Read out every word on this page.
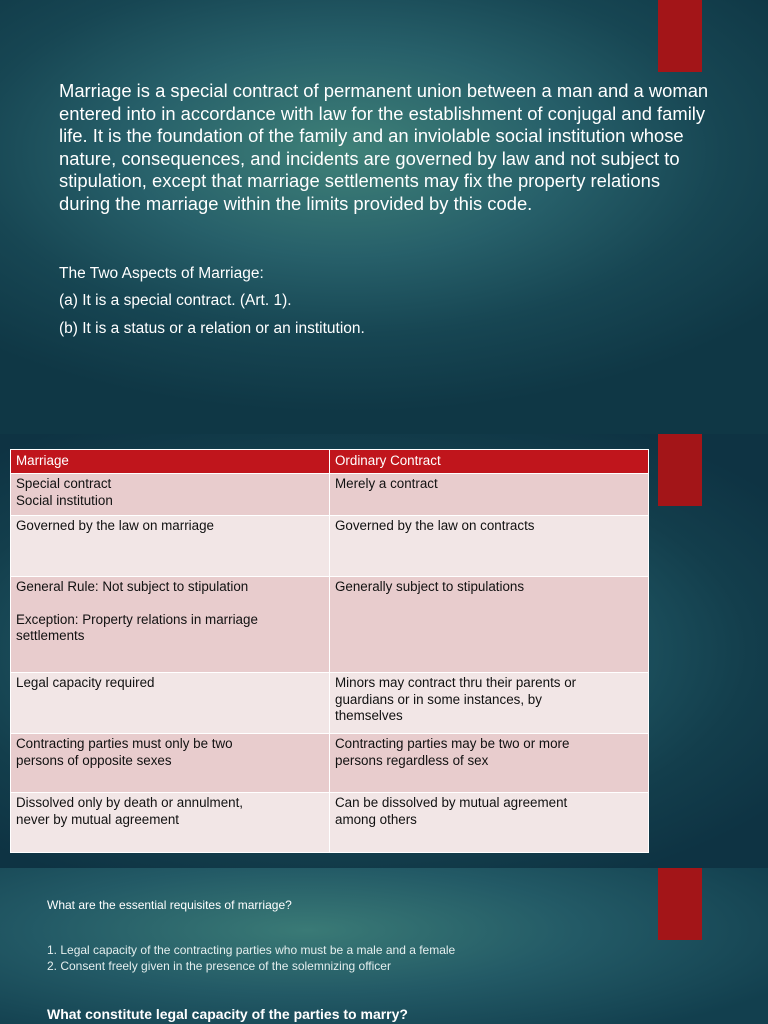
Marriage is a special contract of permanent union between a man and a woman entered into in accordance with law for the establishment of conjugal and family life. It is the foundation of the family and an inviolable social institution whose nature, consequences, and incidents are governed by law and not subject to stipulation, except that marriage settlements may fix the property relations during the marriage within the limits provided by this code.

The Two Aspects of Marriage:

(a) It is a special contract. (Art. 1).

(b) It is a status or a relation or an institution.

Marriage	Ordinary Contract

Special contract
Social institution	Merely a contract

Governed by the law on marriage	Governed by the law on contracts

General Rule: Not subject to stipulation
Exception: Property relations in marriage
settlements	Generally subject to stipulations

Legal capacity required	Minors may contract thru their parents or
guardians or in some instances, by
themselves

Contracting parties must only be two
persons of opposite sexes	Contracting parties may be two or more
persons regardless of sex

Dissolved only by death or annulment,
never by mutual agreement	Can be dissolved by mutual agreement
among others

What are the essential requisites of marriage?

1. Legal capacity of the contracting parties who must be a male and a female

2. Consent freely given in the presence of the solemnizing officer

What constitute legal capacity of the parties to marry?
